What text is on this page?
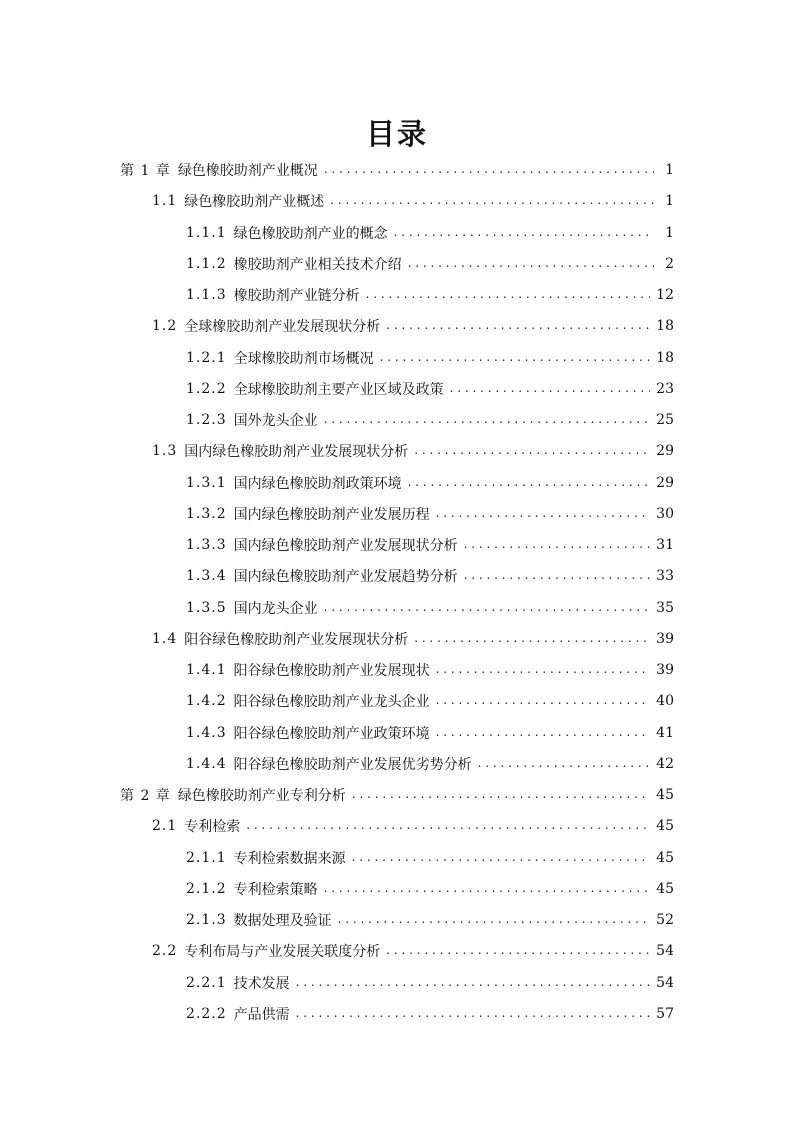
目录
第 1 章 绿色橡胶助剂产业概况 . . .	1
1.1 绿色橡胶助剂产业概述 . . .	1
1.1.1 绿色橡胶助剂产业的概念 . . .	1
1.1.2 橡胶助剂产业相关技术介绍 . . .	2
1.1.3 橡胶助剂产业链分析 . . .	12
1.2 全球橡胶助剂产业发展现状分析 . . .	18
1.2.1 全球橡胶助剂市场概况 . . .	18
1.2.2 全球橡胶助剂主要产业区域及政策 . . .	23
1.2.3 国外龙头企业 . . .	25
1.3 国内绿色橡胶助剂产业发展现状分析 . . .	29
1.3.1 国内绿色橡胶助剂政策环境 . . .	29
1.3.2 国内绿色橡胶助剂产业发展历程 . . .	30
1.3.3 国内绿色橡胶助剂产业发展现状分析 . . .	31
1.3.4 国内绿色橡胶助剂产业发展趋势分析 . . .	33
1.3.5 国内龙头企业 . . .	35
1.4 阳谷绿色橡胶助剂产业发展现状分析 . . .	39
1.4.1 阳谷绿色橡胶助剂产业发展现状 . . .	39
1.4.2 阳谷绿色橡胶助剂产业龙头企业 . . .	40
1.4.3 阳谷绿色橡胶助剂产业政策环境 . . .	41
1.4.4 阳谷绿色橡胶助剂产业发展优劣势分析 . . .	42
第 2 章 绿色橡胶助剂产业专利分析 . . .	45
2.1 专利检索 . . .	45
2.1.1 专利检索数据来源 . . .	45
2.1.2 专利检索策略 . . .	45
2.1.3 数据处理及验证 . . .	52
2.2 专利布局与产业发展关联度分析 . . .	54
2.2.1 技术发展 . . .	54
2.2.2 产品供需 . . .	57
